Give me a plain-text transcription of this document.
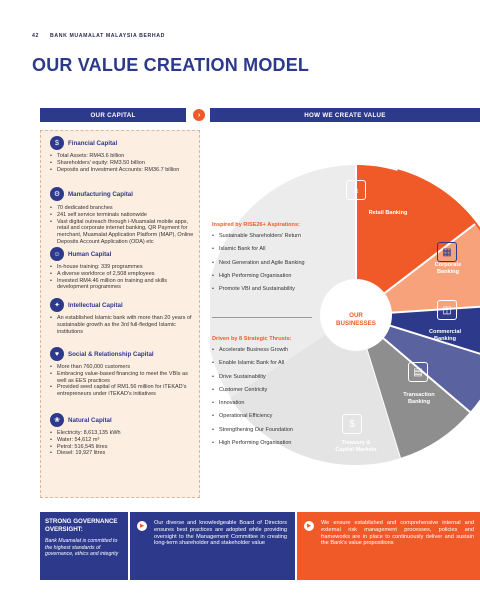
42 BANK MUAMALAT MALAYSIA BERHAD
OUR VALUE CREATION MODEL
OUR CAPITAL	›	HOW WE CREATE VALUE
$	Financial Capital
• Total Assets: RM43.6 billion
• Shareholders' equity: RM3.50 billion
• Deposits and Investment Accounts: RM36.7 billion
⚙	Manufacturing Capital
• 70 dedicated branches
• 241 self service terminals nationwide
• Vast digital outreach through i-Muamalat mobile apps, retail and corporate internet banking, QR Payment for merchant, Muamalat Application Platform (MAP), Online Deposits Account Application (ODA) etc
☺	Human Capital
• In-house training: 339 programmes
• A diverse workforce of 2,508 employees
• Invested RM4.46 million on training and skills development programmes
✦	Intellectual Capital
• An established Islamic bank with more than 20 years of sustainable growth as the 3rd full-fledged Islamic institutions
♥	Social & Relationship Capital
• More than 760,000 customers
• Embracing value-based financing to meet the VBIs as well as EES practices
• Provided seed capital of RM1.56 million for iTEKAD's entrepreneurs under iTEKAD's initiatives
❀	Natural Capital
• Electricity: 8,613,135 kWh
• Water: 54,612 m³
• Petrol: 516,545 litres
• Diesel: 19,927 litres
OUR BUSINESSES
⌂
Retail Banking
▦
Corporate Banking
◫
Commercial Banking
▤
Transaction Banking
$
Treasury & Capital Markets
Inspired by RISE26+ Aspirations:
• Sustainable Shareholders' Return
• Islamic Bank for All
• Next Generation and Agile Banking
• High Performing Organisation
• Promote VBI and Sustainability
Driven by 8 Strategic Thrusts:
• Accelerate Business Growth
• Enable Islamic Bank for All
• Drive Sustainability
• Customer Centricity
• Innovation
• Operational Efficiency
• Strengthening Our Foundation
• High Performing Organisation
STRONG GOVERNANCE OVERSIGHT:
Bank Muamalat is committed to the highest standards of governance, ethics and integrity
▶	Our diverse and knowledgeable Board of Directors ensures best practices are adopted while providing oversight to the Management Committee in creating long-term shareholder and stakeholder value

▶	We ensure established and comprehensive internal and external risk management processes, policies and frameworks are in place to continuously deliver and sustain the Bank's value propositions
